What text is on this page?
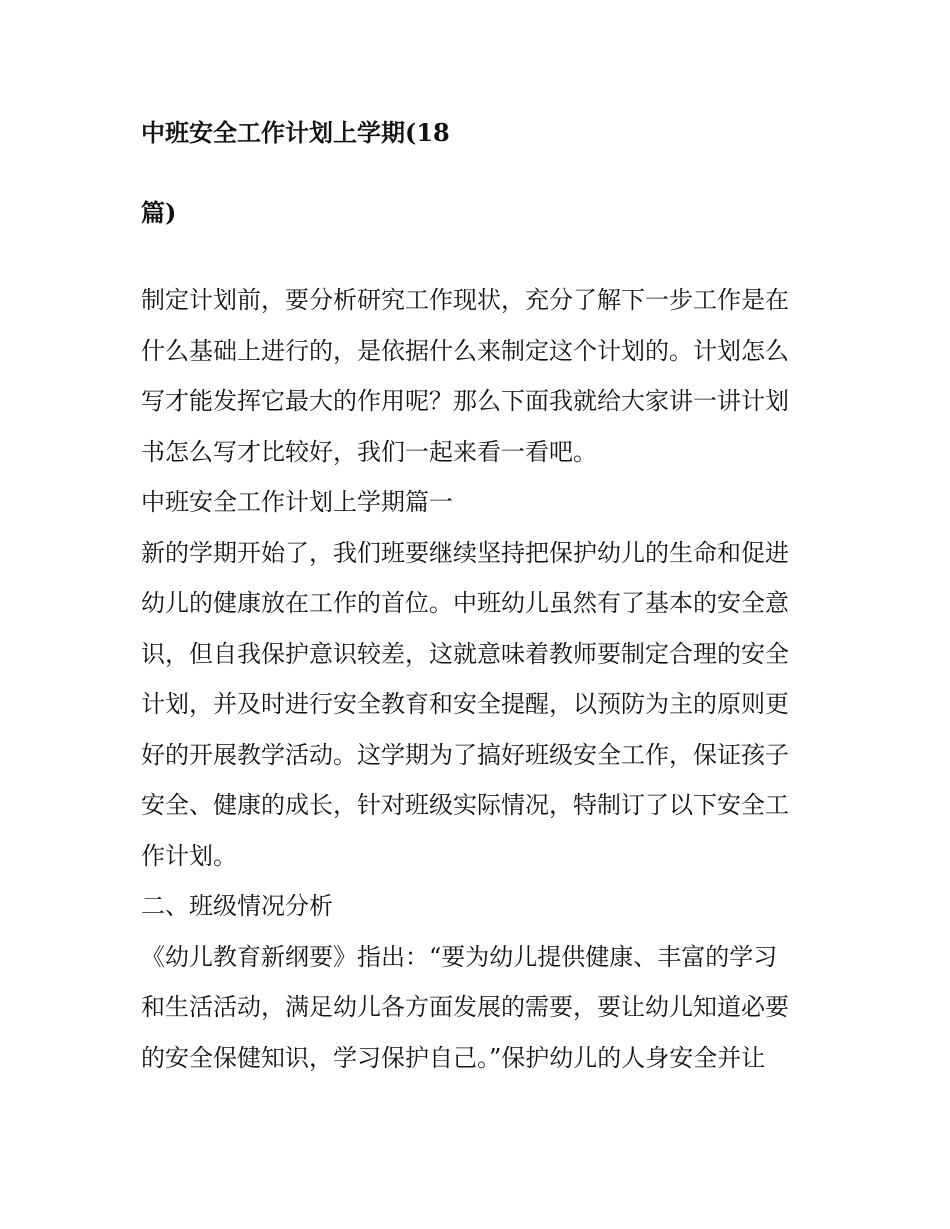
中班安全工作计划上学期(18
篇)
制定计划前，要分析研究工作现状，充分了解下一步工作是在
什么基础上进行的，是依据什么来制定这个计划的。计划怎么
写才能发挥它最大的作用呢？那么下面我就给大家讲一讲计划
书怎么写才比较好，我们一起来看一看吧。
中班安全工作计划上学期篇一
新的学期开始了，我们班要继续坚持把保护幼儿的生命和促进
幼儿的健康放在工作的首位。中班幼儿虽然有了基本的安全意
识，但自我保护意识较差，这就意味着教师要制定合理的安全
计划，并及时进行安全教育和安全提醒，以预防为主的原则更
好的开展教学活动。这学期为了搞好班级安全工作，保证孩子
安全、健康的成长，针对班级实际情况，特制订了以下安全工
作计划。
二、班级情况分析
《幼儿教育新纲要》指出：“要为幼儿提供健康、丰富的学习
和生活活动，满足幼儿各方面发展的需要，要让幼儿知道必要
的安全保健知识，学习保护自己。”保护幼儿的人身安全并让
